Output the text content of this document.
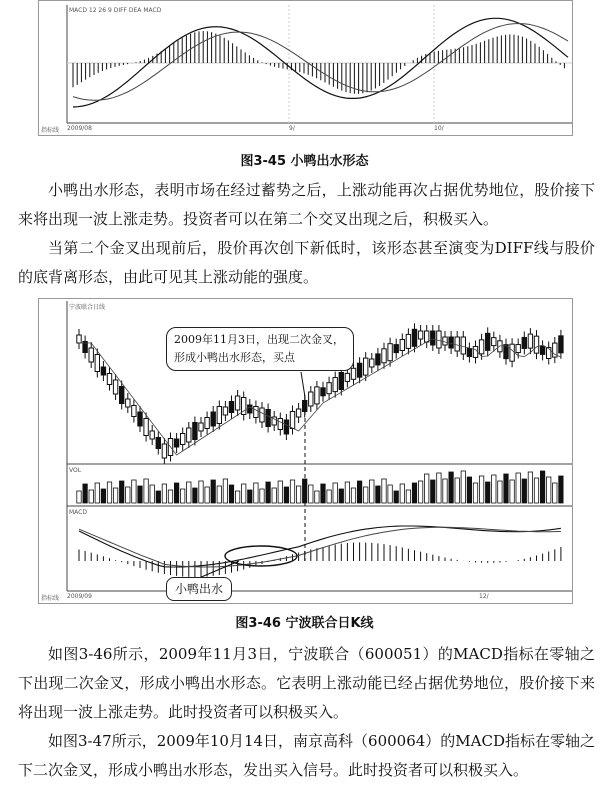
MACD 12 26 9 DIFF DEA MACD
指标线 2009/08	9/	10/
图3-45 小鸭出水形态

小鸭出水形态，表明市场在经过蓄势之后，上涨动能再次占据优势地位，股价接下来将出现一波上涨走势。投资者可以在第二个交叉出现之后，积极买入。

当第二个金叉出现前后，股价再次创下新低时，该形态甚至演变为DIFF线与股价的底背离形态，由此可见其上涨动能的强度。

宁波联合日线
VOL
MACD
指标线 2009/09	12/
2009年11月3日，出现二次金叉，
形成小鸭出水形态，买点
小鸭出水
图3-46 宁波联合日K线

如图3-46所示，2009年11月3日，宁波联合（600051）的MACD指标在零轴之下出现二次金叉，形成小鸭出水形态。它表明上涨动能已经占据优势地位，股价接下来将出现一波上涨走势。此时投资者可以积极买入。

如图3-47所示，2009年10月14日，南京高科（600064）的MACD指标在零轴之下二次金叉，形成小鸭出水形态，发出买入信号。此时投资者可以积极买入。
